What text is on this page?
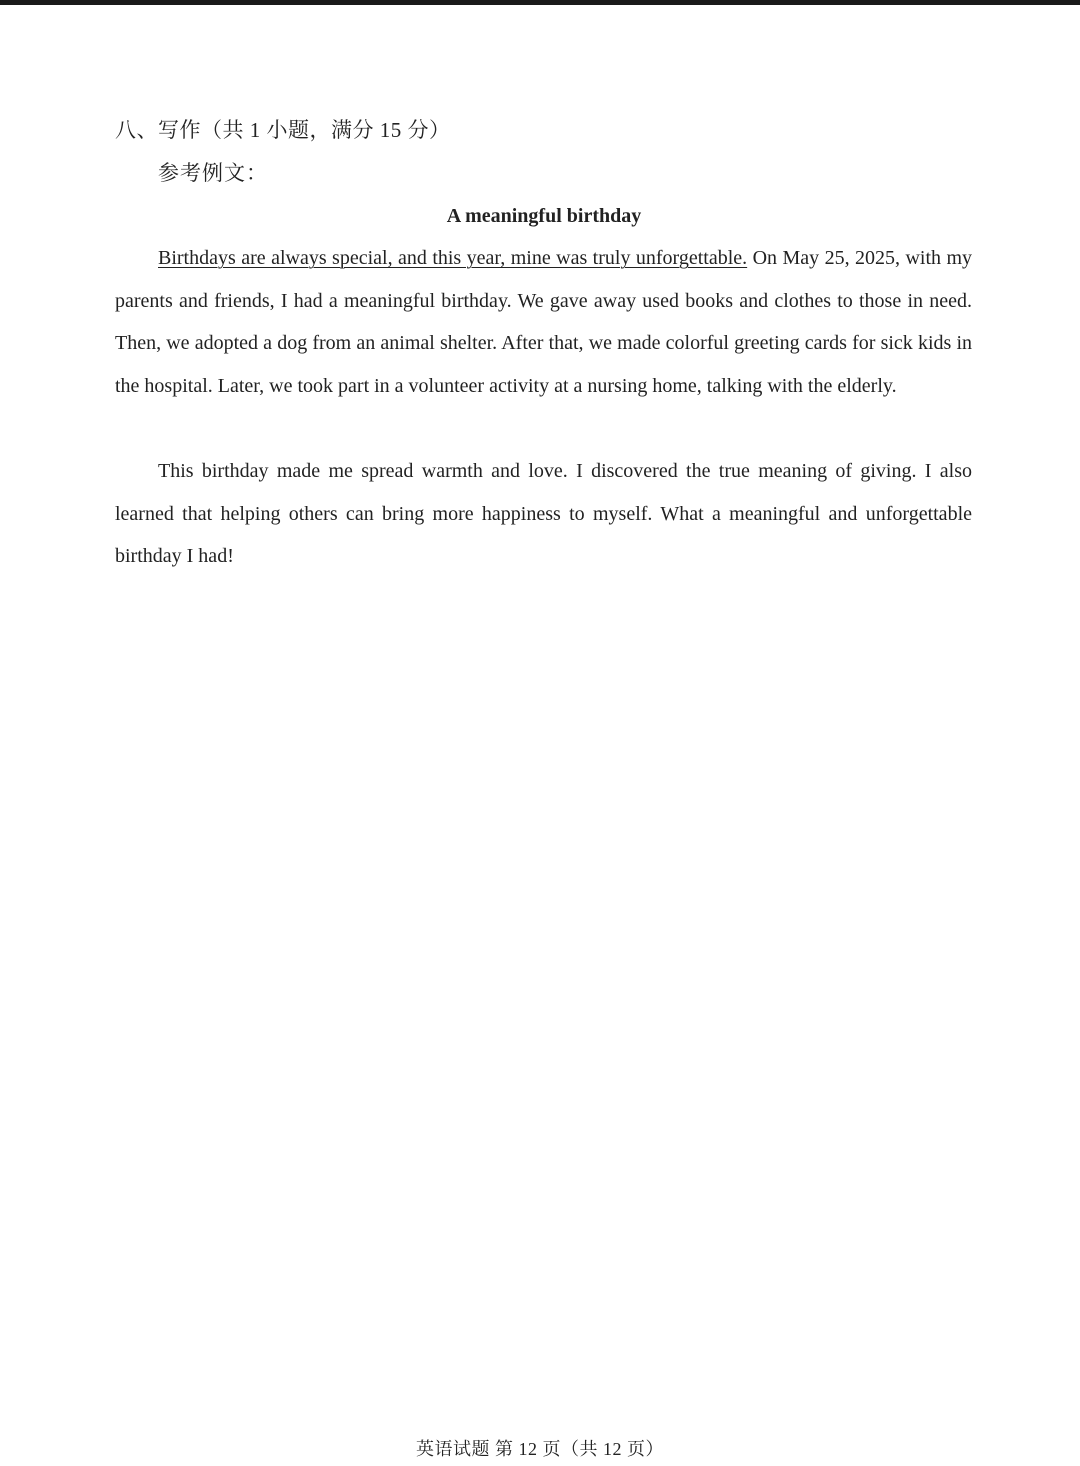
八、写作（共 1 小题，满分 15 分）
参考例文：
A meaningful birthday

Birthdays are always special, and this year, mine was truly unforgettable. On May 25, 2025, with my parents and friends, I had a meaningful birthday. We gave away used books and clothes to those in need. Then, we adopted a dog from an animal shelter. After that, we made colorful greeting cards for sick kids in the hospital. Later, we took part in a volunteer activity at a nursing home, talking with the elderly.

This birthday made me spread warmth and love. I discovered the true meaning of giving. I also learned that helping others can bring more happiness to myself. What a meaningful and unforgettable birthday I had!

英语试题 第 12 页（共 12 页）
